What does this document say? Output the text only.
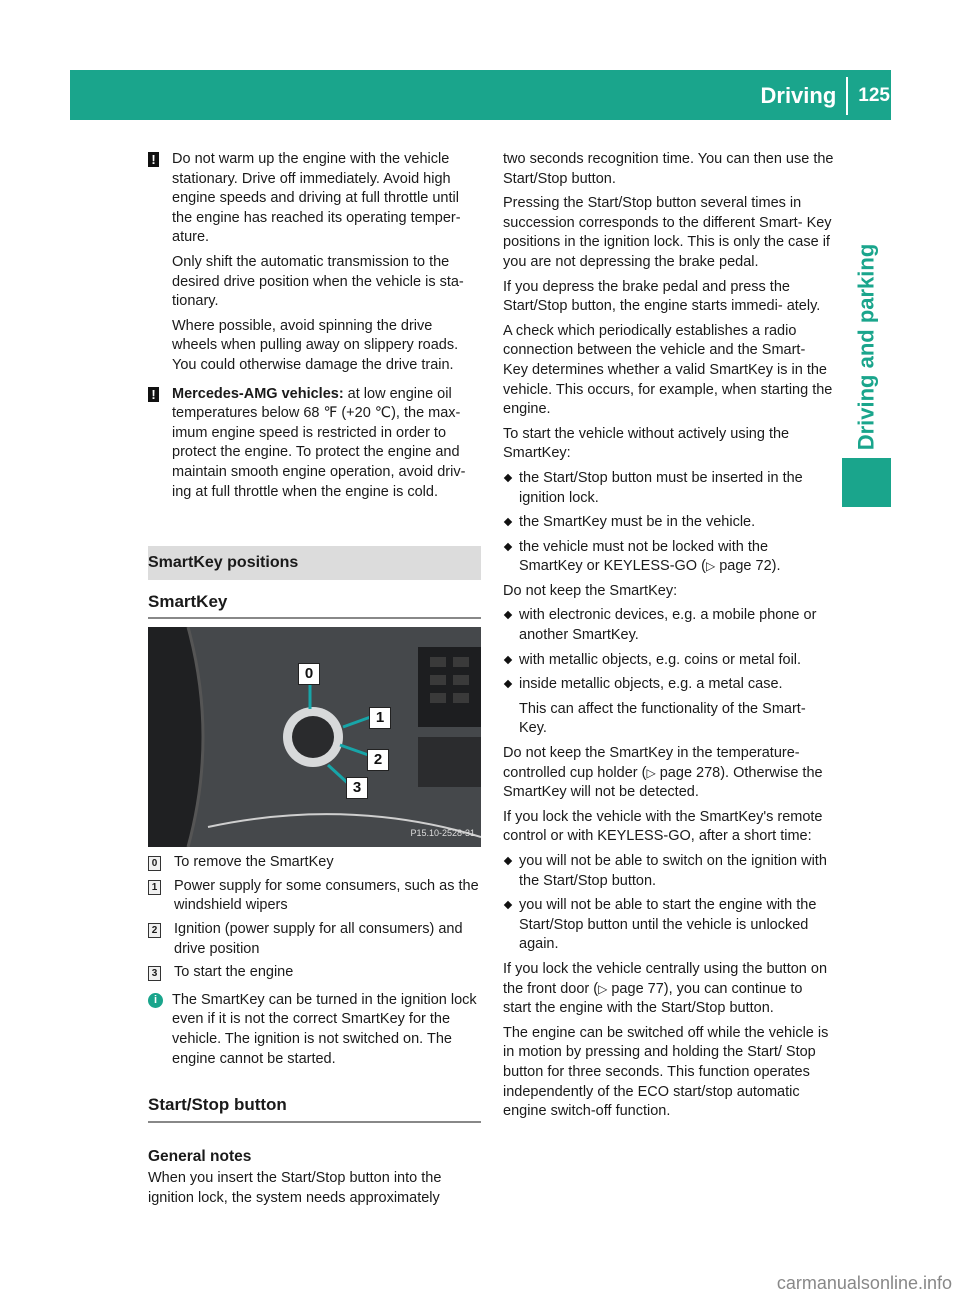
Driving	125
Driving and parking
! Do not warm up the engine with the vehicle stationary. Drive off immediately. Avoid high engine speeds and driving at full throttle until the engine has reached its operating temper- ature.

Only shift the automatic transmission to the desired drive position when the vehicle is sta- tionary.

Where possible, avoid spinning the drive wheels when pulling away on slippery roads. You could otherwise damage the drive train.

! Mercedes-AMG vehicles: at low engine oil temperatures below 68 ℉ (+20 ℃), the max- imum engine speed is restricted in order to protect the engine. To protect the engine and maintain smooth engine operation, avoid driv- ing at full throttle when the engine is cold.

SmartKey positions
SmartKey
0
1
2
3
P15.10-2528-31
0 To remove the SmartKey
1 Power supply for some consumers, such as the windshield wipers
2 Ignition (power supply for all consumers) and drive position
3 To start the engine
i	The SmartKey can be turned in the ignition lock even if it is not the correct SmartKey for the vehicle. The ignition is not switched on. The engine cannot be started.

Start/Stop button
General notes

When you insert the Start/Stop button into the ignition lock, the system needs approximately

two seconds recognition time. You can then use the Start/Stop button.

Pressing the Start/Stop button several times in succession corresponds to the different Smart- Key positions in the ignition lock. This is only the case if you are not depressing the brake pedal.

If you depress the brake pedal and press the Start/Stop button, the engine starts immedi- ately.

A check which periodically establishes a radio connection between the vehicle and the Smart- Key determines whether a valid SmartKey is in the vehicle. This occurs, for example, when starting the engine.

To start the vehicle without actively using the SmartKey:

the Start/Stop button must be inserted in the ignition lock.
the SmartKey must be in the vehicle.
the vehicle must not be locked with the SmartKey or KEYLESS-GO (▷ page 72).

Do not keep the SmartKey:

with electronic devices, e.g. a mobile phone or another SmartKey.
with metallic objects, e.g. coins or metal foil.
inside metallic objects, e.g. a metal case.

This can affect the functionality of the Smart- Key.

Do not keep the SmartKey in the temperature- controlled cup holder (▷ page 278). Otherwise the SmartKey will not be detected.

If you lock the vehicle with the SmartKey's remote control or with KEYLESS-GO, after a short time:

you will not be able to switch on the ignition with the Start/Stop button.
you will not be able to start the engine with the Start/Stop button until the vehicle is unlocked again.

If you lock the vehicle centrally using the button on the front door (▷ page 77), you can continue to start the engine with the Start/Stop button.

The engine can be switched off while the vehicle is in motion by pressing and holding the Start/ Stop button for three seconds. This function operates independently of the ECO start/stop automatic engine switch-off function.

carmanualsonline.info
